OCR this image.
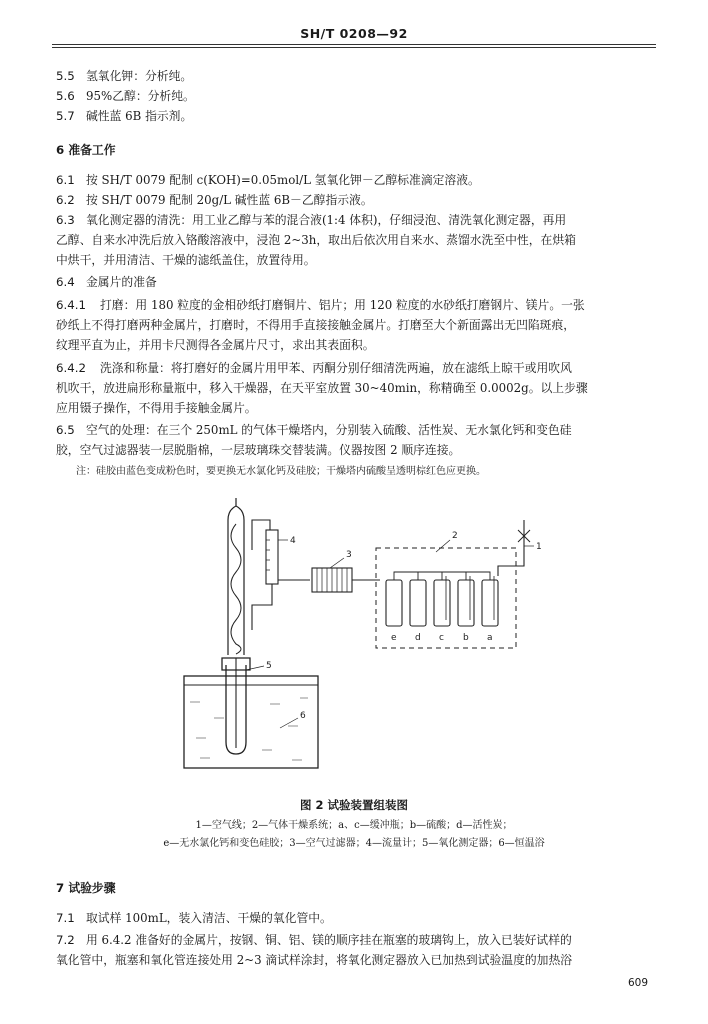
SH/T 0208—92
5.5 氢氧化钾：分析纯。
5.6 95%乙醇：分析纯。
5.7 碱性蓝 6B 指示剂。
6 准备工作
6.1 按 SH/T 0079 配制 c(KOH)=0.05mol/L 氢氧化钾－乙醇标准滴定溶液。
6.2 按 SH/T 0079 配制 20g/L 碱性蓝 6B－乙醇指示液。
6.3 氧化测定器的清洗：用工业乙醇与苯的混合液(1:4 体积)，仔细浸泡、清洗氧化测定器，再用
乙醇、自来水冲洗后放入铬酸溶液中，浸泡 2~3h，取出后依次用自来水、蒸馏水洗至中性，在烘箱
中烘干，并用清洁、干燥的滤纸盖住，放置待用。
6.4 金属片的准备
6.4.1 打磨：用 180 粒度的金相砂纸打磨铜片、铝片；用 120 粒度的水砂纸打磨钢片、镁片。一张
砂纸上不得打磨两种金属片，打磨时，不得用手直接接触金属片。打磨至大个新面露出无凹陷斑痕，
纹理平直为止，并用卡尺测得各金属片尺寸，求出其表面积。
6.4.2 洗涤和称量：将打磨好的金属片用甲苯、丙酮分别仔细清洗两遍，放在滤纸上晾干或用吹风
机吹干，放进扁形称量瓶中，移入干燥器，在天平室放置 30~40min，称精确至 0.0002g。以上步骤
应用镊子操作，不得用手接触金属片。
6.5 空气的处理：在三个 250mL 的气体干燥塔内，分别装入硫酸、活性炭、无水氯化钙和变色硅
胶，空气过滤器装一层脱脂棉，一层玻璃珠交替装满。仪器按图 2 顺序连接。
注：硅胶由蓝色变成粉色时，要更换无水氯化钙及硅胶；干燥塔内硫酸呈透明棕红色应更换。
1
2
3
4
5
6
e d c b a
图 2 试验装置组装图
1—空气线；2—气体干燥系统；a、c—缓冲瓶；b—硫酸；d—活性炭；
e—无水氯化钙和变色硅胶；3—空气过滤器；4—流量计；5—氧化测定器；6—恒温浴
7 试验步骤
7.1 取试样 100mL，装入清洁、干燥的氧化管中。
7.2 用 6.4.2 准备好的金属片，按钢、铜、铝、镁的顺序挂在瓶塞的玻璃钩上，放入已装好试样的
氧化管中，瓶塞和氧化管连接处用 2~3 滴试样涂封，将氧化测定器放入已加热到试验温度的加热浴
609
